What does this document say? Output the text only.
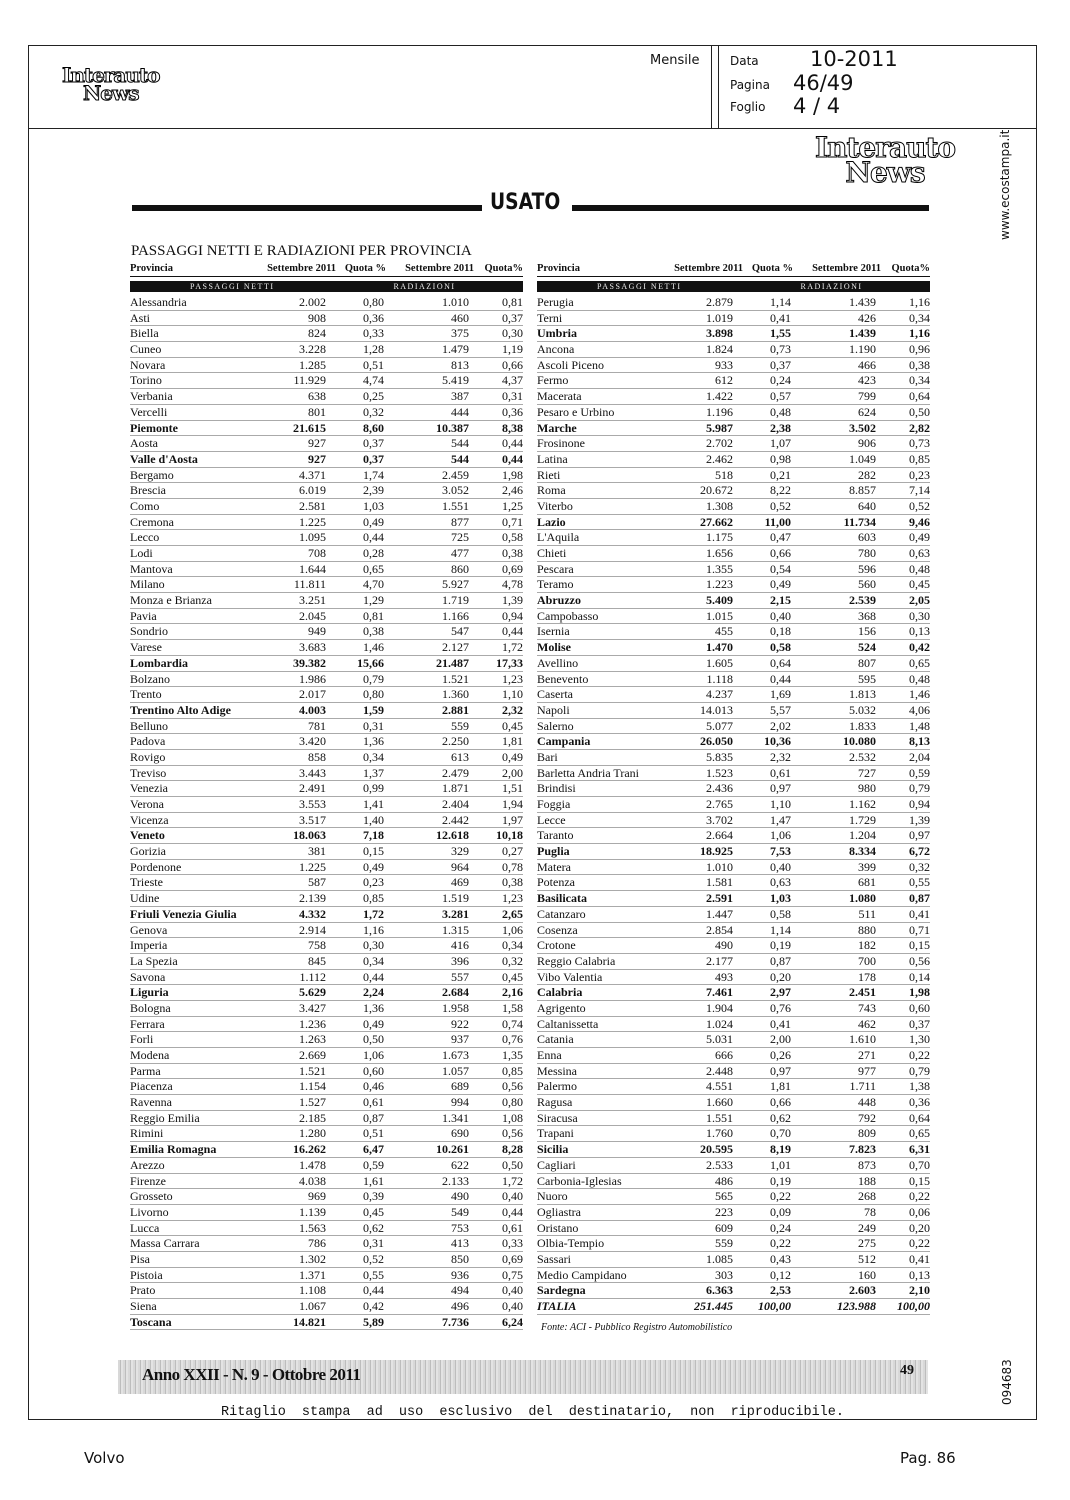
Interauto
News
Mensile	Data 10-2011
Pagina 46/49
Foglio 4 / 4
Interauto
News
USATO
PASSAGGI NETTI E RADIAZIONI PER PROVINCIA
Provincia	Settembre 2011 Quota %	Settembre 2011 Quota%
PASSAGGI NETTI	RADIAZIONI
Alessandria	2.002	0,80	1.010	0,81
Asti	908	0,36	460	0,37
Biella	824	0,33	375	0,30
Cuneo	3.228	1,28	1.479	1,19
Novara	1.285	0,51	813	0,66
Torino	11.929	4,74	5.419	4,37
Verbania	638	0,25	387	0,31
Vercelli	801	0,32	444	0,36
Piemonte	21.615	8,60	10.387	8,38
Aosta	927	0,37	544	0,44
Valle d'Aosta	927	0,37	544	0,44
Bergamo	4.371	1,74	2.459	1,98
Brescia	6.019	2,39	3.052	2,46
Como	2.581	1,03	1.551	1,25
Cremona	1.225	0,49	877	0,71
Lecco	1.095	0,44	725	0,58
Lodi	708	0,28	477	0,38
Mantova	1.644	0,65	860	0,69
Milano	11.811	4,70	5.927	4,78
Monza e Brianza	3.251	1,29	1.719	1,39
Pavia	2.045	0,81	1.166	0,94
Sondrio	949	0,38	547	0,44
Varese	3.683	1,46	2.127	1,72
Lombardia	39.382	15,66	21.487	17,33
Bolzano	1.986	0,79	1.521	1,23
Trento	2.017	0,80	1.360	1,10
Trentino Alto Adige	4.003	1,59	2.881	2,32
Belluno	781	0,31	559	0,45
Padova	3.420	1,36	2.250	1,81
Rovigo	858	0,34	613	0,49
Treviso	3.443	1,37	2.479	2,00
Venezia	2.491	0,99	1.871	1,51
Verona	3.553	1,41	2.404	1,94
Vicenza	3.517	1,40	2.442	1,97
Veneto	18.063	7,18	12.618	10,18
Gorizia	381	0,15	329	0,27
Pordenone	1.225	0,49	964	0,78
Trieste	587	0,23	469	0,38
Udine	2.139	0,85	1.519	1,23
Friuli Venezia Giulia	4.332	1,72	3.281	2,65
Genova	2.914	1,16	1.315	1,06
Imperia	758	0,30	416	0,34
La Spezia	845	0,34	396	0,32
Savona	1.112	0,44	557	0,45
Liguria	5.629	2,24	2.684	2,16
Bologna	3.427	1,36	1.958	1,58
Ferrara	1.236	0,49	922	0,74
Forli	1.263	0,50	937	0,76
Modena	2.669	1,06	1.673	1,35
Parma	1.521	0,60	1.057	0,85
Piacenza	1.154	0,46	689	0,56
Ravenna	1.527	0,61	994	0,80
Reggio Emilia	2.185	0,87	1.341	1,08
Rimini	1.280	0,51	690	0,56
Emilia Romagna	16.262	6,47	10.261	8,28
Arezzo	1.478	0,59	622	0,50
Firenze	4.038	1,61	2.133	1,72
Grosseto	969	0,39	490	0,40
Livorno	1.139	0,45	549	0,44
Lucca	1.563	0,62	753	0,61
Massa Carrara	786	0,31	413	0,33
Pisa	1.302	0,52	850	0,69
Pistoia	1.371	0,55	936	0,75
Prato	1.108	0,44	494	0,40
Siena	1.067	0,42	496	0,40
Toscana	14.821	5,89	7.736	6,24
Provincia	Settembre 2011 Quota %	Settembre 2011 Quota%
PASSAGGI NETTI	RADIAZIONI
Perugia	2.879	1,14	1.439	1,16
Terni	1.019	0,41	426	0,34
Umbria	3.898	1,55	1.439	1,16
Ancona	1.824	0,73	1.190	0,96
Ascoli Piceno	933	0,37	466	0,38
Fermo	612	0,24	423	0,34
Macerata	1.422	0,57	799	0,64
Pesaro e Urbino	1.196	0,48	624	0,50
Marche	5.987	2,38	3.502	2,82
Frosinone	2.702	1,07	906	0,73
Latina	2.462	0,98	1.049	0,85
Rieti	518	0,21	282	0,23
Roma	20.672	8,22	8.857	7,14
Viterbo	1.308	0,52	640	0,52
Lazio	27.662	11,00	11.734	9,46
L'Aquila	1.175	0,47	603	0,49
Chieti	1.656	0,66	780	0,63
Pescara	1.355	0,54	596	0,48
Teramo	1.223	0,49	560	0,45
Abruzzo	5.409	2,15	2.539	2,05
Campobasso	1.015	0,40	368	0,30
Isernia	455	0,18	156	0,13
Molise	1.470	0,58	524	0,42
Avellino	1.605	0,64	807	0,65
Benevento	1.118	0,44	595	0,48
Caserta	4.237	1,69	1.813	1,46
Napoli	14.013	5,57	5.032	4,06
Salerno	5.077	2,02	1.833	1,48
Campania	26.050	10,36	10.080	8,13
Bari	5.835	2,32	2.532	2,04
Barletta Andria Trani	1.523	0,61	727	0,59
Brindisi	2.436	0,97	980	0,79
Foggia	2.765	1,10	1.162	0,94
Lecce	3.702	1,47	1.729	1,39
Taranto	2.664	1,06	1.204	0,97
Puglia	18.925	7,53	8.334	6,72
Matera	1.010	0,40	399	0,32
Potenza	1.581	0,63	681	0,55
Basilicata	2.591	1,03	1.080	0,87
Catanzaro	1.447	0,58	511	0,41
Cosenza	2.854	1,14	880	0,71
Crotone	490	0,19	182	0,15
Reggio Calabria	2.177	0,87	700	0,56
Vibo Valentia	493	0,20	178	0,14
Calabria	7.461	2,97	2.451	1,98
Agrigento	1.904	0,76	743	0,60
Caltanissetta	1.024	0,41	462	0,37
Catania	5.031	2,00	1.610	1,30
Enna	666	0,26	271	0,22
Messina	2.448	0,97	977	0,79
Palermo	4.551	1,81	1.711	1,38
Ragusa	1.660	0,66	448	0,36
Siracusa	1.551	0,62	792	0,64
Trapani	1.760	0,70	809	0,65
Sicilia	20.595	8,19	7.823	6,31
Cagliari	2.533	1,01	873	0,70
Carbonia-Iglesias	486	0,19	188	0,15
Nuoro	565	0,22	268	0,22
Ogliastra	223	0,09	78	0,06
Oristano	609	0,24	249	0,20
Olbia-Tempio	559	0,22	275	0,22
Sassari	1.085	0,43	512	0,41
Medio Campidano	303	0,12	160	0,13
Sardegna	6.363	2,53	2.603	2,10
ITALIA	251.445	100,00	123.988	100,00
Fonte: ACI - Pubblico Registro Automobilistico
Anno XXII - N. 9 - Ottobre 2011	49
Ritaglio stampa ad uso esclusivo del destinatario, non riproducibile.
www.ecostampa.it
094683
Volvo	Pag. 86
